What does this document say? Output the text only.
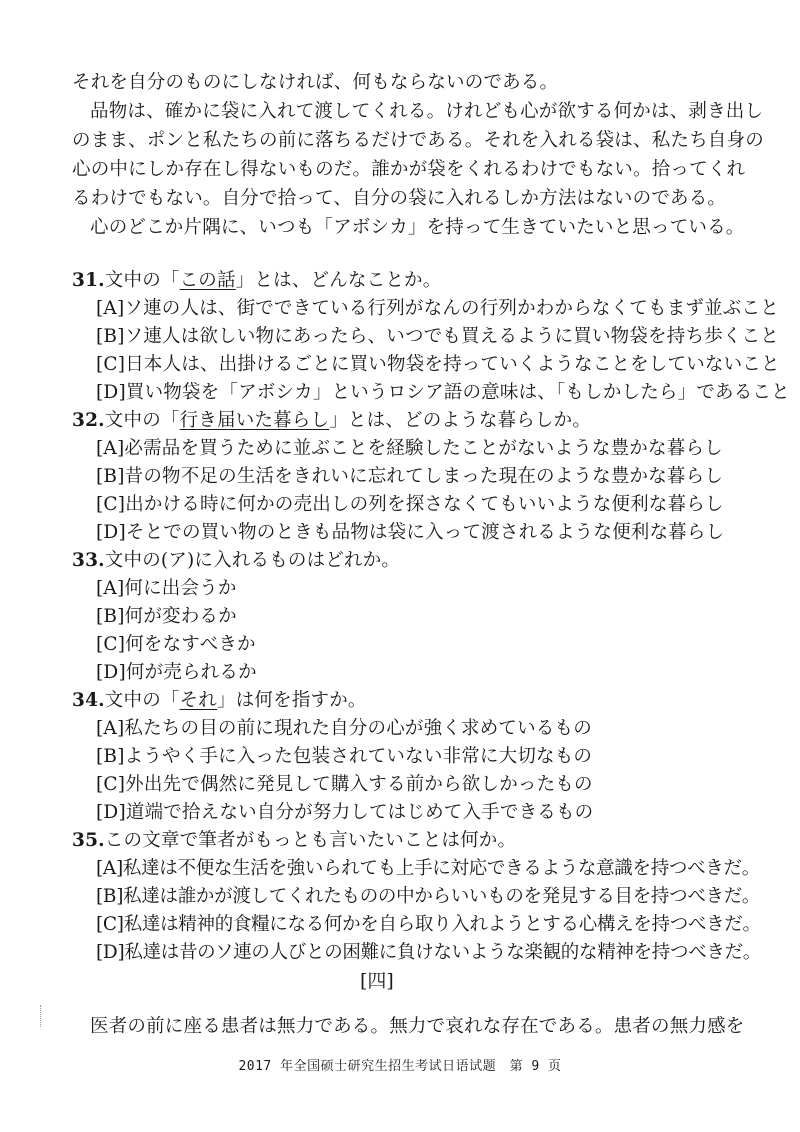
それを自分のものにしなければ、何もならないのである。
品物は、確かに袋に入れて渡してくれる。けれども心が欲する何かは、剥き出し
のまま、ポンと私たちの前に落ちるだけである。それを入れる袋は、私たち自身の
心の中にしか存在し得ないものだ。誰かが袋をくれるわけでもない。拾ってくれ
るわけでもない。自分で拾って、自分の袋に入れるしか方法はないのである。
心のどこか片隅に、いつも「アボシカ」を持って生きていたいと思っている。
31.文中の「この話」とは、どんなことか。
[A]ソ連の人は、街でできている行列がなんの行列かわからなくてもまず並ぶこと
[B]ソ連人は欲しい物にあったら、いつでも買えるように買い物袋を持ち歩くこと
[C]日本人は、出掛けるごとに買い物袋を持っていくようなことをしていないこと
[D]買い物袋を「アボシカ」というロシア語の意味は、「もしかしたら」であること
32.文中の「行き届いた暮らし」とは、どのような暮らしか。
[A]必需品を買うために並ぶことを経験したことがないような豊かな暮らし
[B]昔の物不足の生活をきれいに忘れてしまった現在のような豊かな暮らし
[C]出かける時に何かの売出しの列を探さなくてもいいような便利な暮らし
[D]そとでの買い物のときも品物は袋に入って渡されるような便利な暮らし
33.文中の(ア)に入れるものはどれか。
[A]何に出会うか
[B]何が変わるか
[C]何をなすべきか
[D]何が売られるか
34.文中の「それ」は何を指すか。
[A]私たちの目の前に現れた自分の心が強く求めているもの
[B]ようやく手に入った包装されていない非常に大切なもの
[C]外出先で偶然に発見して購入する前から欲しかったもの
[D]道端で拾えない自分が努力してはじめて入手できるもの
35.この文章で筆者がもっとも言いたいことは何か。
[A]私達は不便な生活を強いられても上手に対応できるような意識を持つべきだ。
[B]私達は誰かが渡してくれたものの中からいいものを発見する目を持つべきだ。
[C]私達は精神的食糧になる何かを自ら取り入れようとする心構えを持つべきだ。
[D]私達は昔のソ連の人びとの困難に負けないような楽観的な精神を持つべきだ。
[四]
医者の前に座る患者は無力である。無力で哀れな存在である。患者の無力感を
2017 年全国硕士研究生招生考试日语试题　第 9 页
